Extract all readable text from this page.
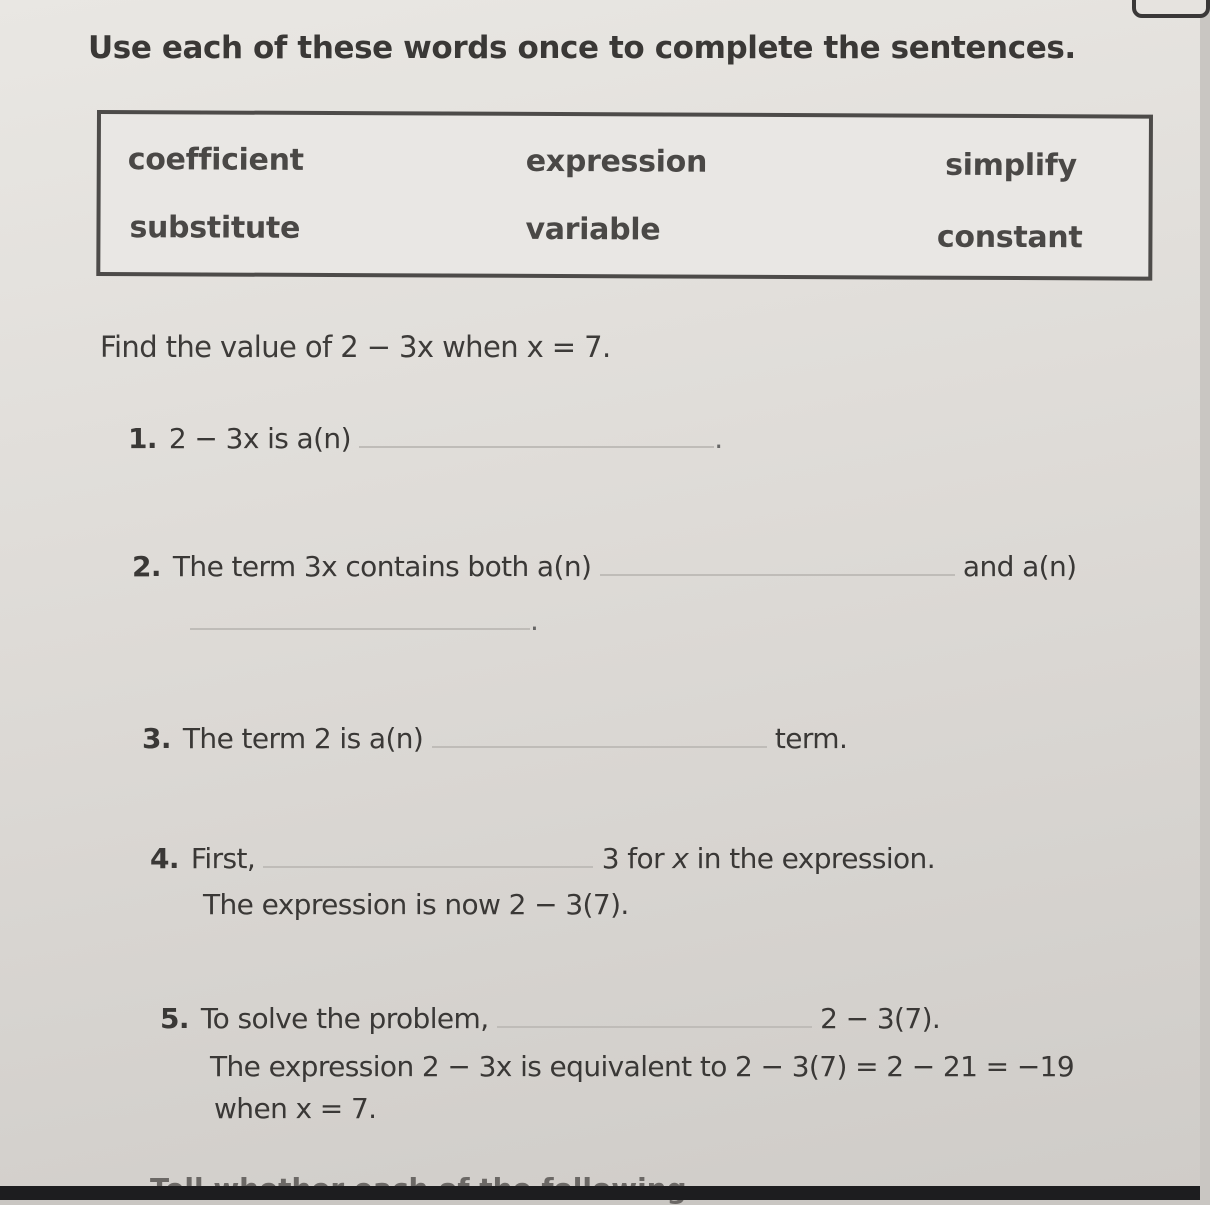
Use each of these words once to complete the sentences.
coefficient	expression	simplify
substitute	variable	constant
Find the value of 2 − 3x when x = 7.
1. 2 − 3x is a(n)	.
2. The term 3x contains both a(n)	and a(n)
.
3. The term 2 is a(n)	term.
4. First,	3 for x in the expression.
The expression is now 2 − 3(7).
5. To solve the problem,	2 − 3(7).
The expression 2 − 3x is equivalent to 2 − 3(7) = 2 − 21 = −19
when x = 7.
